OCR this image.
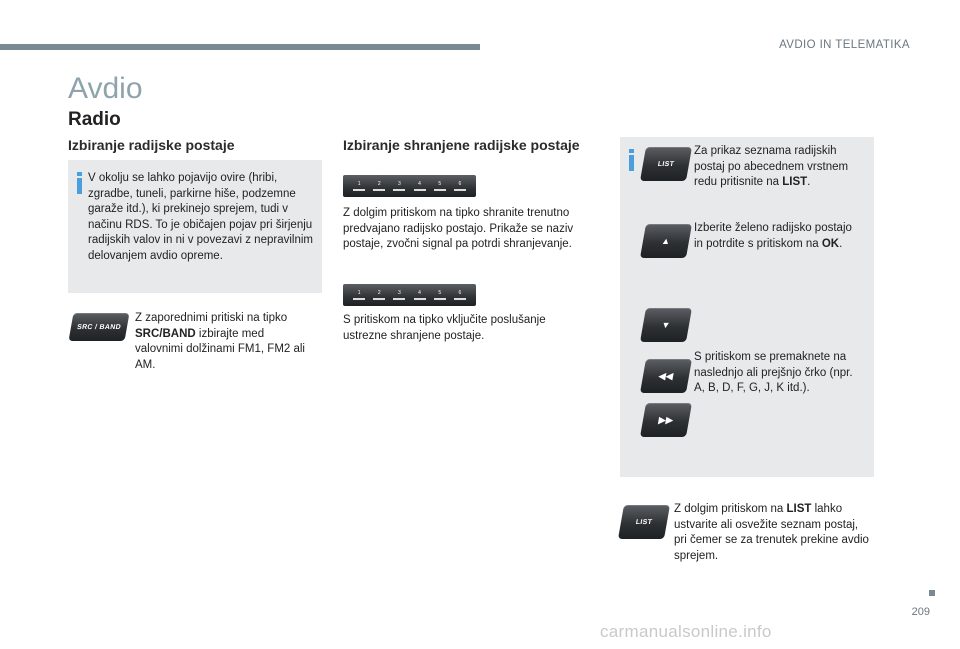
AVDIO IN TELEMATIKA
Avdio
Radio
Izbiranje radijske postaje
V okolju se lahko pojavijo ovire (hribi, zgradbe, tuneli, parkirne hiše, podzemne garaže itd.), ki prekinejo sprejem, tudi v načinu RDS. To je običajen pojav pri širjenju radijskih valov in ni v povezavi z nepravilnim delovanjem avdio opreme.
SRC / BAND
Z zaporednimi pritiski na tipko SRC/BAND izbirajte med valovnimi dolžinami FM1, FM2 ali AM.
Izbiranje shranjene radijske postaje
1	2	3	4	5	6
Z dolgim pritiskom na tipko shranite trenutno predvajano radijsko postajo. Prikaže se naziv postaje, zvočni signal pa potrdi shranjevanje.
1	2	3	4	5	6
S pritiskom na tipko vključite poslušanje ustrezne shranjene postaje.
LIST
Za prikaz seznama radijskih postaj po abecednem vrstnem redu pritisnite na LIST.
▲
Izberite želeno radijsko postajo in potrdite s pritiskom na OK.
▼
◀◀
S pritiskom se premaknete na naslednjo ali prejšnjo črko (npr. A, B, D, F, G, J, K itd.).
▶▶
LIST
Z dolgim pritiskom na LIST lahko ustvarite ali osvežite seznam postaj, pri čemer se za trenutek prekine avdio sprejem.
209
carmanualsonline.info
